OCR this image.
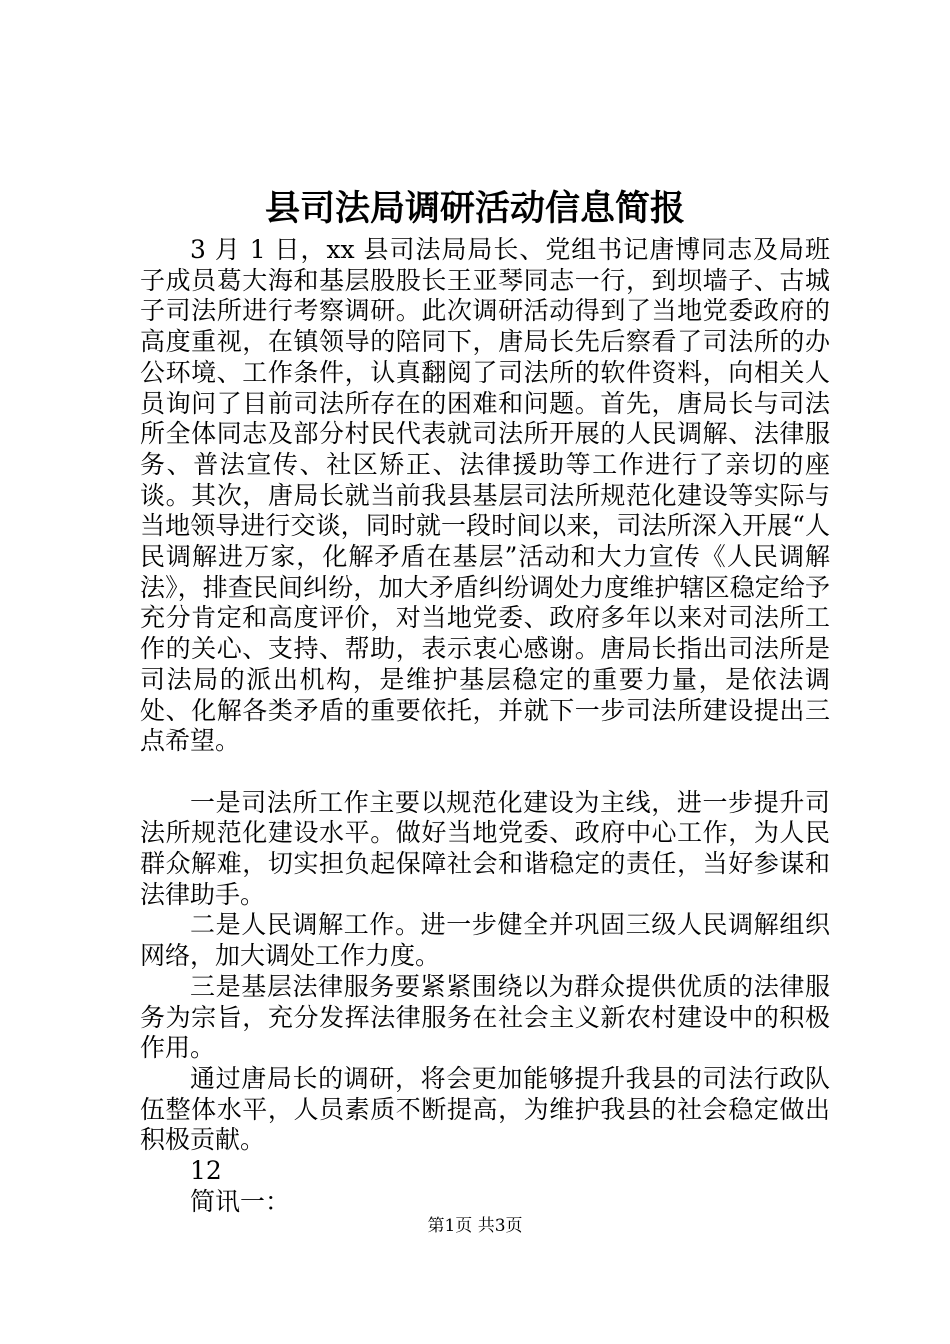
县司法局调研活动信息简报

3 月 1 日，xx 县司法局局长、党组书记唐博同志及局班子成员葛大海和基层股股长王亚琴同志一行，到坝墙子、古城子司法所进行考察调研。此次调研活动得到了当地党委政府的高度重视，在镇领导的陪同下，唐局长先后察看了司法所的办公环境、工作条件，认真翻阅了司法所的软件资料，向相关人员询问了目前司法所存在的困难和问题。首先，唐局长与司法所全体同志及部分村民代表就司法所开展的人民调解、法律服务、普法宣传、社区矫正、法律援助等工作进行了亲切的座谈。其次，唐局长就当前我县基层司法所规范化建设等实际与当地领导进行交谈，同时就一段时间以来，司法所深入开展“人民调解进万家，化解矛盾在基层”活动和大力宣传《人民调解法》，排查民间纠纷，加大矛盾纠纷调处力度维护辖区稳定给予充分肯定和高度评价，对当地党委、政府多年以来对司法所工作的关心、支持、帮助，表示衷心感谢。唐局长指出司法所是司法局的派出机构，是维护基层稳定的重要力量，是依法调处、化解各类矛盾的重要依托，并就下一步司法所建设提出三点希望。

一是司法所工作主要以规范化建设为主线，进一步提升司法所规范化建设水平。做好当地党委、政府中心工作，为人民群众解难，切实担负起保障社会和谐稳定的责任，当好参谋和法律助手。

二是人民调解工作。进一步健全并巩固三级人民调解组织网络，加大调处工作力度。

三是基层法律服务要紧紧围绕以为群众提供优质的法律服务为宗旨，充分发挥法律服务在社会主义新农村建设中的积极作用。

通过唐局长的调研，将会更加能够提升我县的司法行政队伍整体水平，人员素质不断提高，为维护我县的社会稳定做出积极贡献。

12

简讯一：

第1页 共3页
